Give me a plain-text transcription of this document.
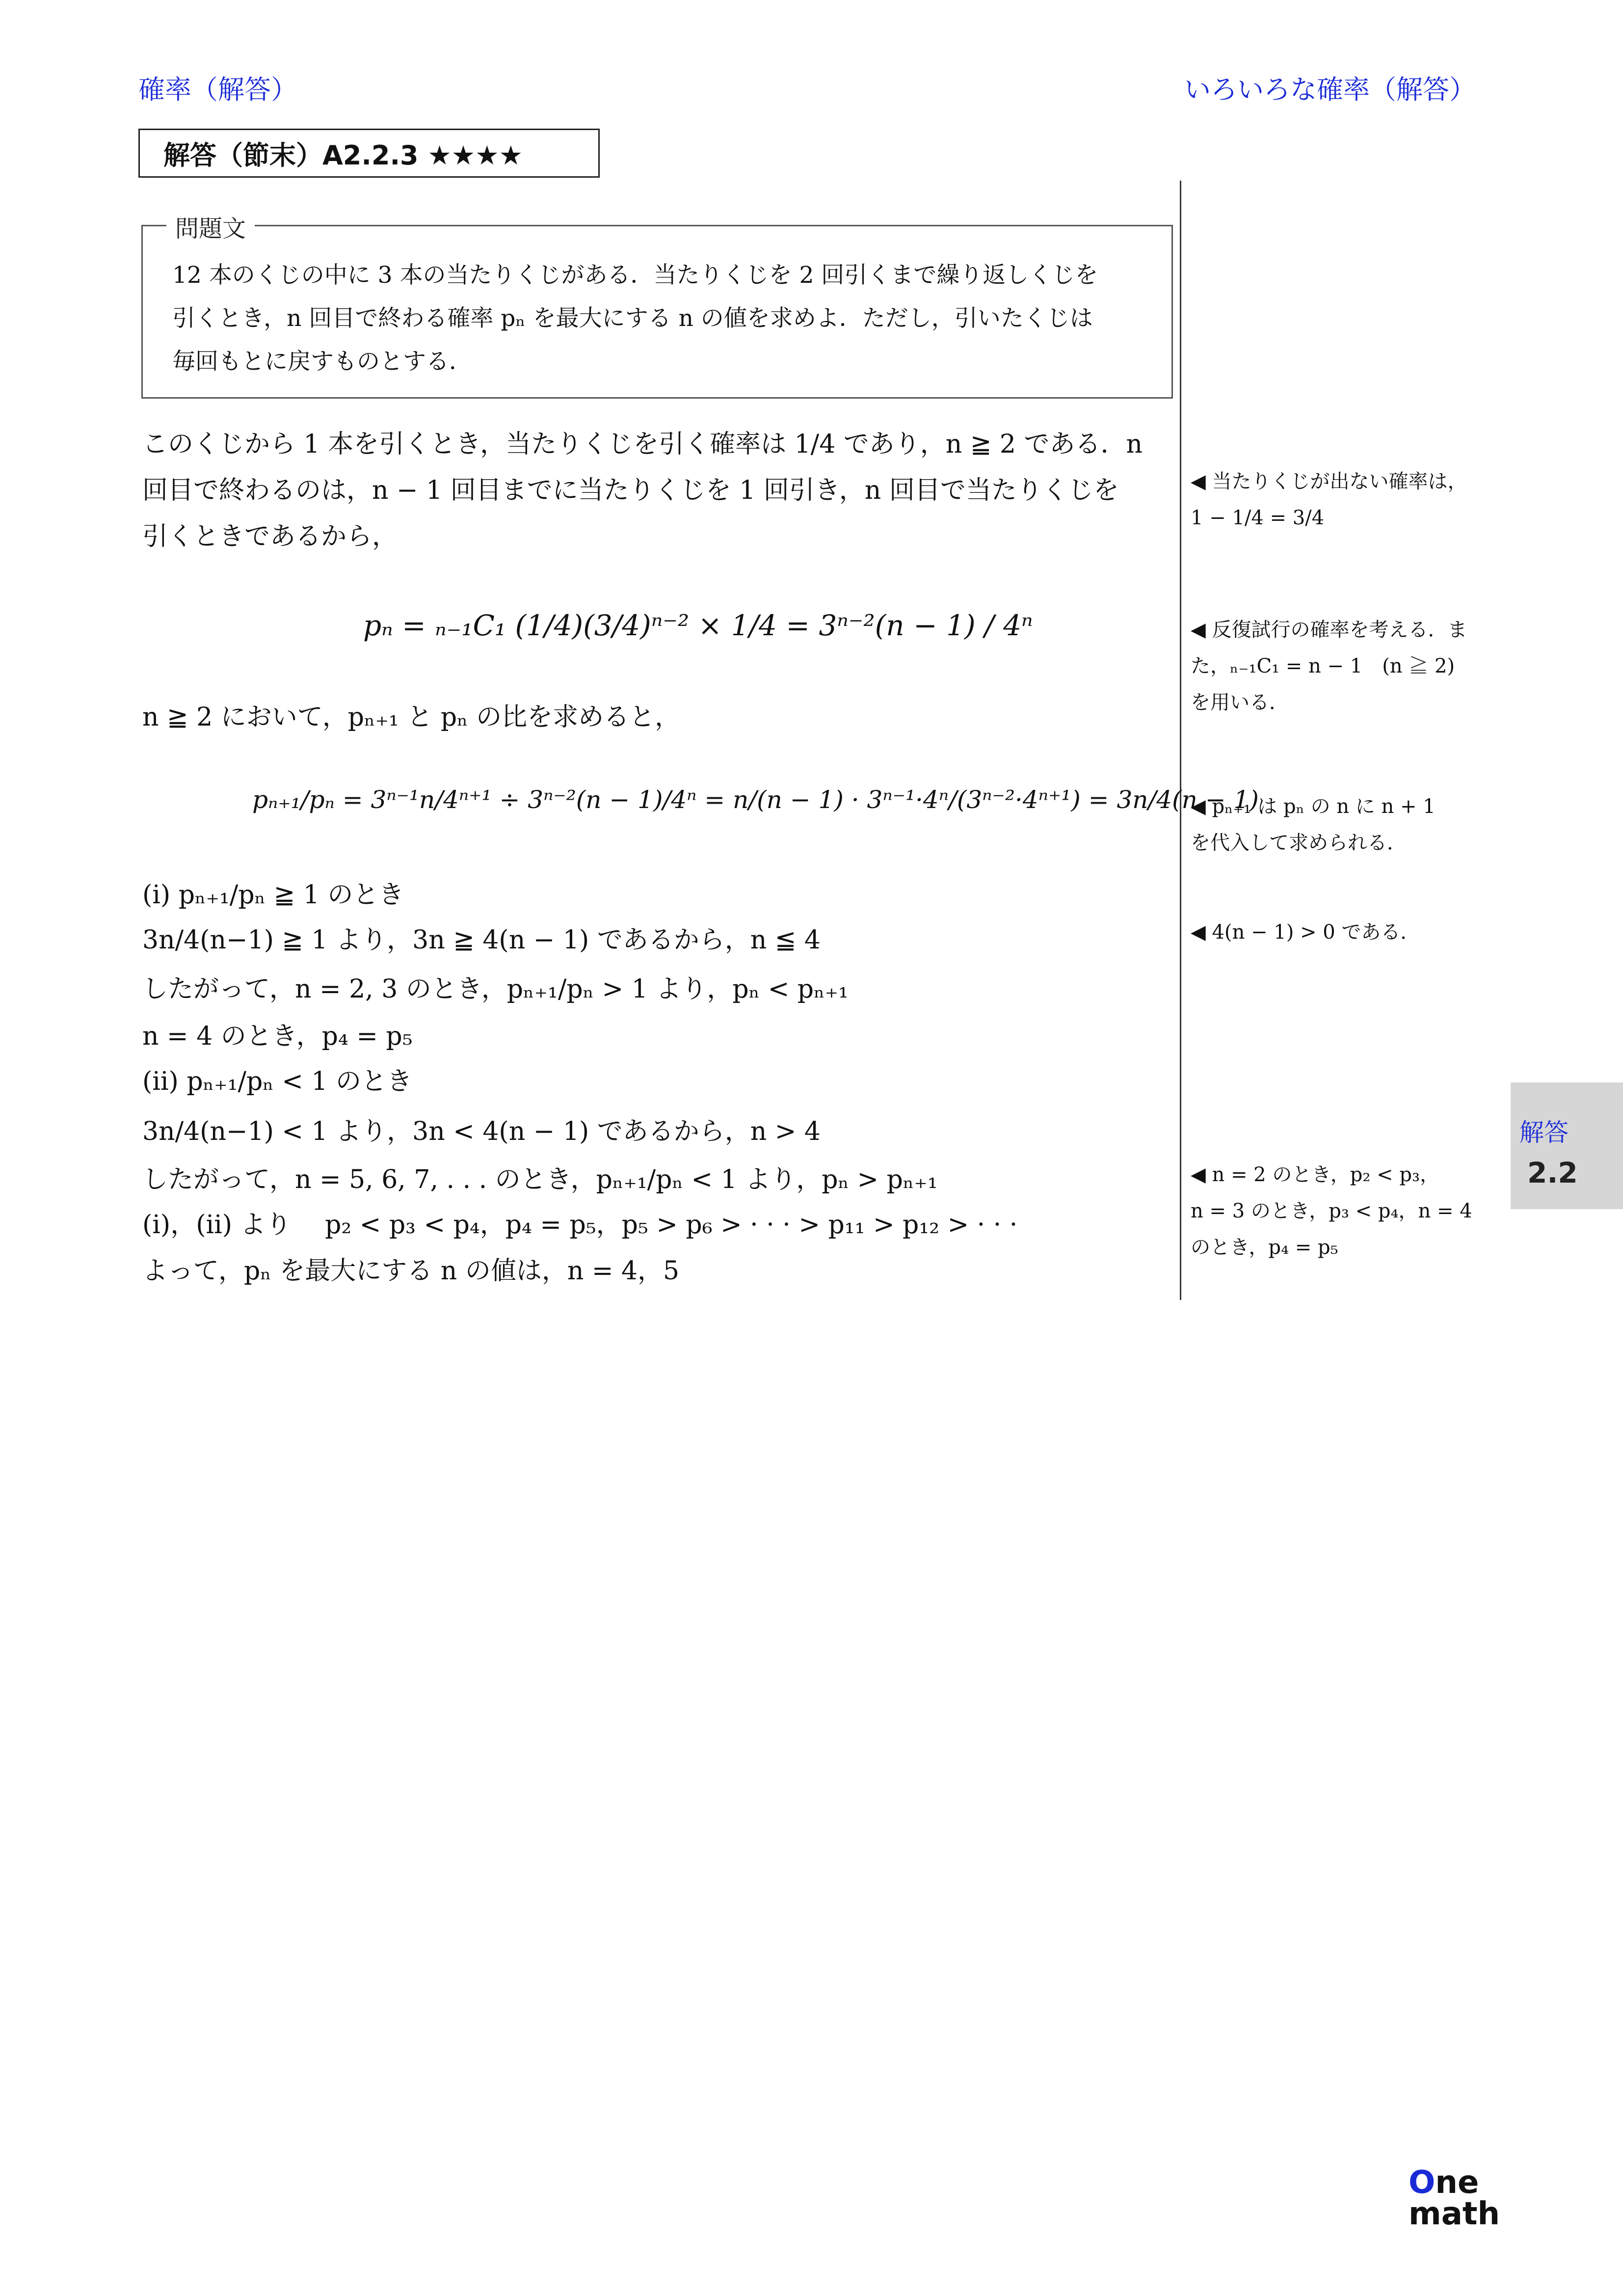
確率（解答）	いろいろな確率（解答）
解答（節末）A2.2.3 ★★★★
問題文
12 本のくじの中に 3 本の当たりくじがある．当たりくじを 2 回引くまで繰り返しくじを
引くとき，n 回目で終わる確率 pₙ を最大にする n の値を求めよ．ただし，引いたくじは
毎回もとに戻すものとする．
このくじから 1 本を引くとき，当たりくじを引く確率は 1/4 であり，n ≧ 2 である．n
回目で終わるのは，n − 1 回目までに当たりくじを 1 回引き，n 回目で当たりくじを
引くときであるから，
pₙ = ₙ₋₁C₁ (1/4)(3/4)ⁿ⁻² × 1/4 = 3ⁿ⁻²(n − 1) / 4ⁿ
n ≧ 2 において，pₙ₊₁ と pₙ の比を求めると，
pₙ₊₁/pₙ = 3ⁿ⁻¹n/4ⁿ⁺¹ ÷ 3ⁿ⁻²(n − 1)/4ⁿ = n/(n − 1) · 3ⁿ⁻¹·4ⁿ/(3ⁿ⁻²·4ⁿ⁺¹) = 3n/4(n − 1)
(i) pₙ₊₁/pₙ ≧ 1 のとき
3n/4(n−1) ≧ 1 より，3n ≧ 4(n − 1) であるから，n ≦ 4
したがって，n = 2, 3 のとき，pₙ₊₁/pₙ > 1 より，pₙ < pₙ₊₁
n = 4 のとき，p₄ = p₅
(ii) pₙ₊₁/pₙ < 1 のとき
3n/4(n−1) < 1 より，3n < 4(n − 1) であるから，n > 4
したがって，n = 5, 6, 7, . . . のとき，pₙ₊₁/pₙ < 1 より，pₙ > pₙ₊₁
(i)，(ii) より　 p₂ < p₃ < p₄，p₄ = p₅，p₅ > p₆ > · · · > p₁₁ > p₁₂ > · · ·
よって，pₙ を最大にする n の値は，n = 4，5
◀ 当たりくじが出ない確率は，
1 − 1/4 = 3/4
◀ 反復試行の確率を考える．ま
た，ₙ₋₁C₁ = n − 1　(n ≧ 2)
を用いる．
◀ pₙ₊₁ は pₙ の n に n + 1
を代入して求められる．
◀ 4(n − 1) > 0 である．
◀ n = 2 のとき，p₂ < p₃，
n = 3 のとき，p₃ < p₄，n = 4
のとき，p₄ = p₅
解答
2.2
One
math
